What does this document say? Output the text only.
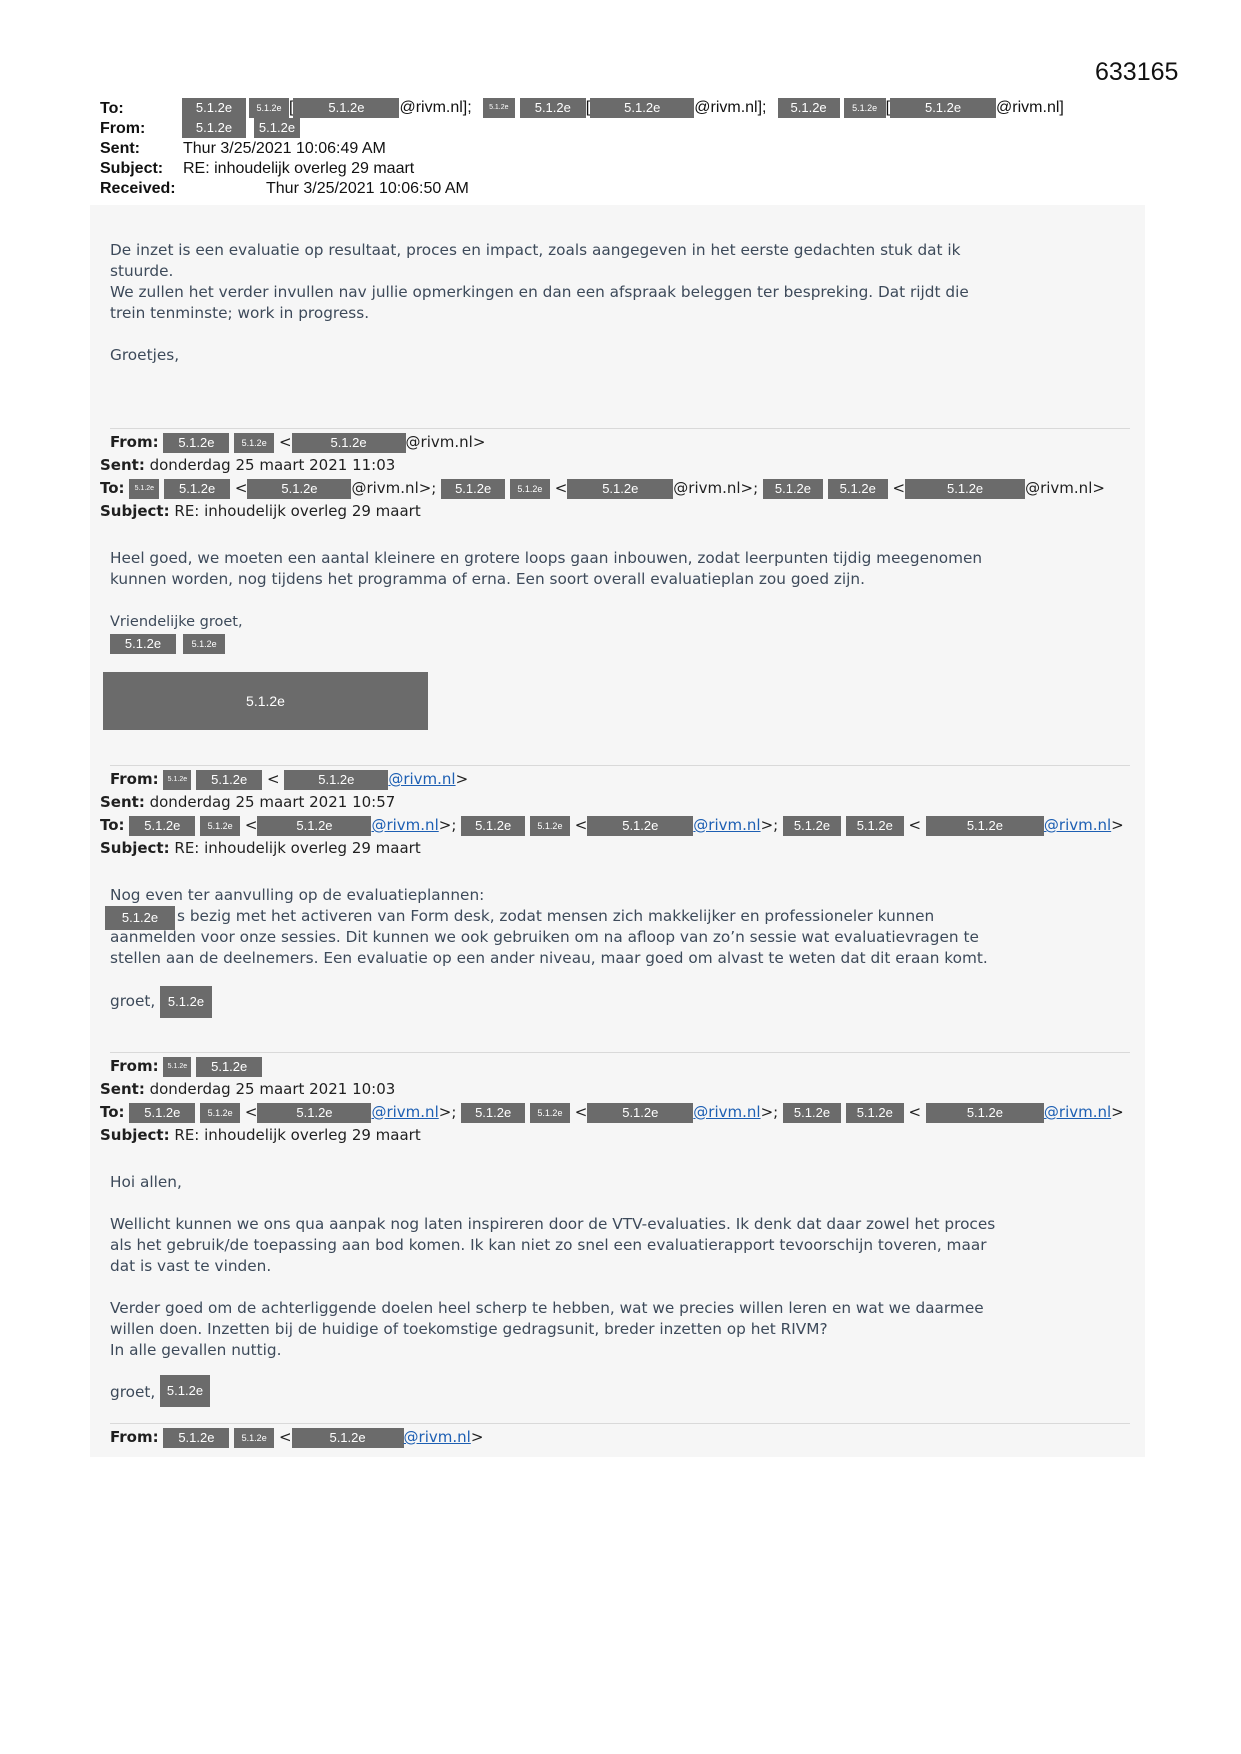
633165
To:	5.1.2e	5.1.2e [	5.1.2e @rivm.nl]; 5.1.2e 5.1.2e [	5.1.2e @rivm.nl]; 5.1.2e	5.1.2e [	5.1.2e @rivm.nl]
From:	5.1.2e 5.1.2e
Sent:	Thur 3/25/2021 10:06:49 AM
Subject: RE: inhoudelijk overleg 29 maart
Received:	Thur 3/25/2021 10:06:50 AM
De inzet is een evaluatie op resultaat, proces en impact, zoals aangegeven in het eerste gedachten stuk dat ik
stuurde.
We zullen het verder invullen nav jullie opmerkingen en dan een afspraak beleggen ter bespreking. Dat rijdt die
trein tenminste; work in progress.

Groetjes,
From: 5.1.2e	5.1.2e <	5.1.2e	@rivm.nl>
Sent: donderdag 25 maart 2021 11:03
To: 5.1.2e 5.1.2e <	5.1.2e @rivm.nl>; 5.1.2e	5.1.2e <	5.1.2e @rivm.nl>; 5.1.2e 5.1.2e <	5.1.2e	@rivm.nl>
Subject: RE: inhoudelijk overleg 29 maart
Heel goed, we moeten een aantal kleinere en grotere loops gaan inbouwen, zodat leerpunten tijdig meegenomen
kunnen worden, nog tijdens het programma of erna. Een soort overall evaluatieplan zou goed zijn.
Vriendelijke groet,
5.1.2e	5.1.2e
5.1.2e
From: 5.1.2e 5.1.2e <	5.1.2e @rivm.nl>
Sent: donderdag 25 maart 2021 10:57
To: 5.1.2e	5.1.2e <	5.1.2e	@rivm.nl>; 5.1.2e	5.1.2e <	5.1.2e @rivm.nl>; 5.1.2e 5.1.2e <	5.1.2e	@rivm.nl>
Subject: RE: inhoudelijk overleg 29 maart
Nog even ter aanvulling op de evaluatieplannen:
5.1.2e	s bezig met het activeren van Form desk, zodat mensen zich makkelijker en professioneler kunnen
aanmelden voor onze sessies. Dit kunnen we ook gebruiken om na afloop van zo’n sessie wat evaluatievragen te
stellen aan de deelnemers. Een evaluatie op een ander niveau, maar goed om alvast te weten dat dit eraan komt.
groet, 5.1.2e
From: 5.1.2e 5.1.2e
Sent: donderdag 25 maart 2021 10:03
To: 5.1.2e	5.1.2e <	5.1.2e	@rivm.nl>; 5.1.2e	5.1.2e <	5.1.2e @rivm.nl>; 5.1.2e 5.1.2e <	5.1.2e	@rivm.nl>
Subject: RE: inhoudelijk overleg 29 maart
Hoi allen,

Wellicht kunnen we ons qua aanpak nog laten inspireren door de VTV-evaluaties. Ik denk dat daar zowel het proces
als het gebruik/de toepassing aan bod komen. Ik kan niet zo snel een evaluatierapport tevoorschijn toveren, maar
dat is vast te vinden.

Verder goed om de achterliggende doelen heel scherp te hebben, wat we precies willen leren en wat we daarmee
willen doen. Inzetten bij de huidige of toekomstige gedragsunit, breder inzetten op het RIVM?
In alle gevallen nuttig.
groet, 5.1.2e
From: 5.1.2e	5.1.2e <	5.1.2e	@rivm.nl>
